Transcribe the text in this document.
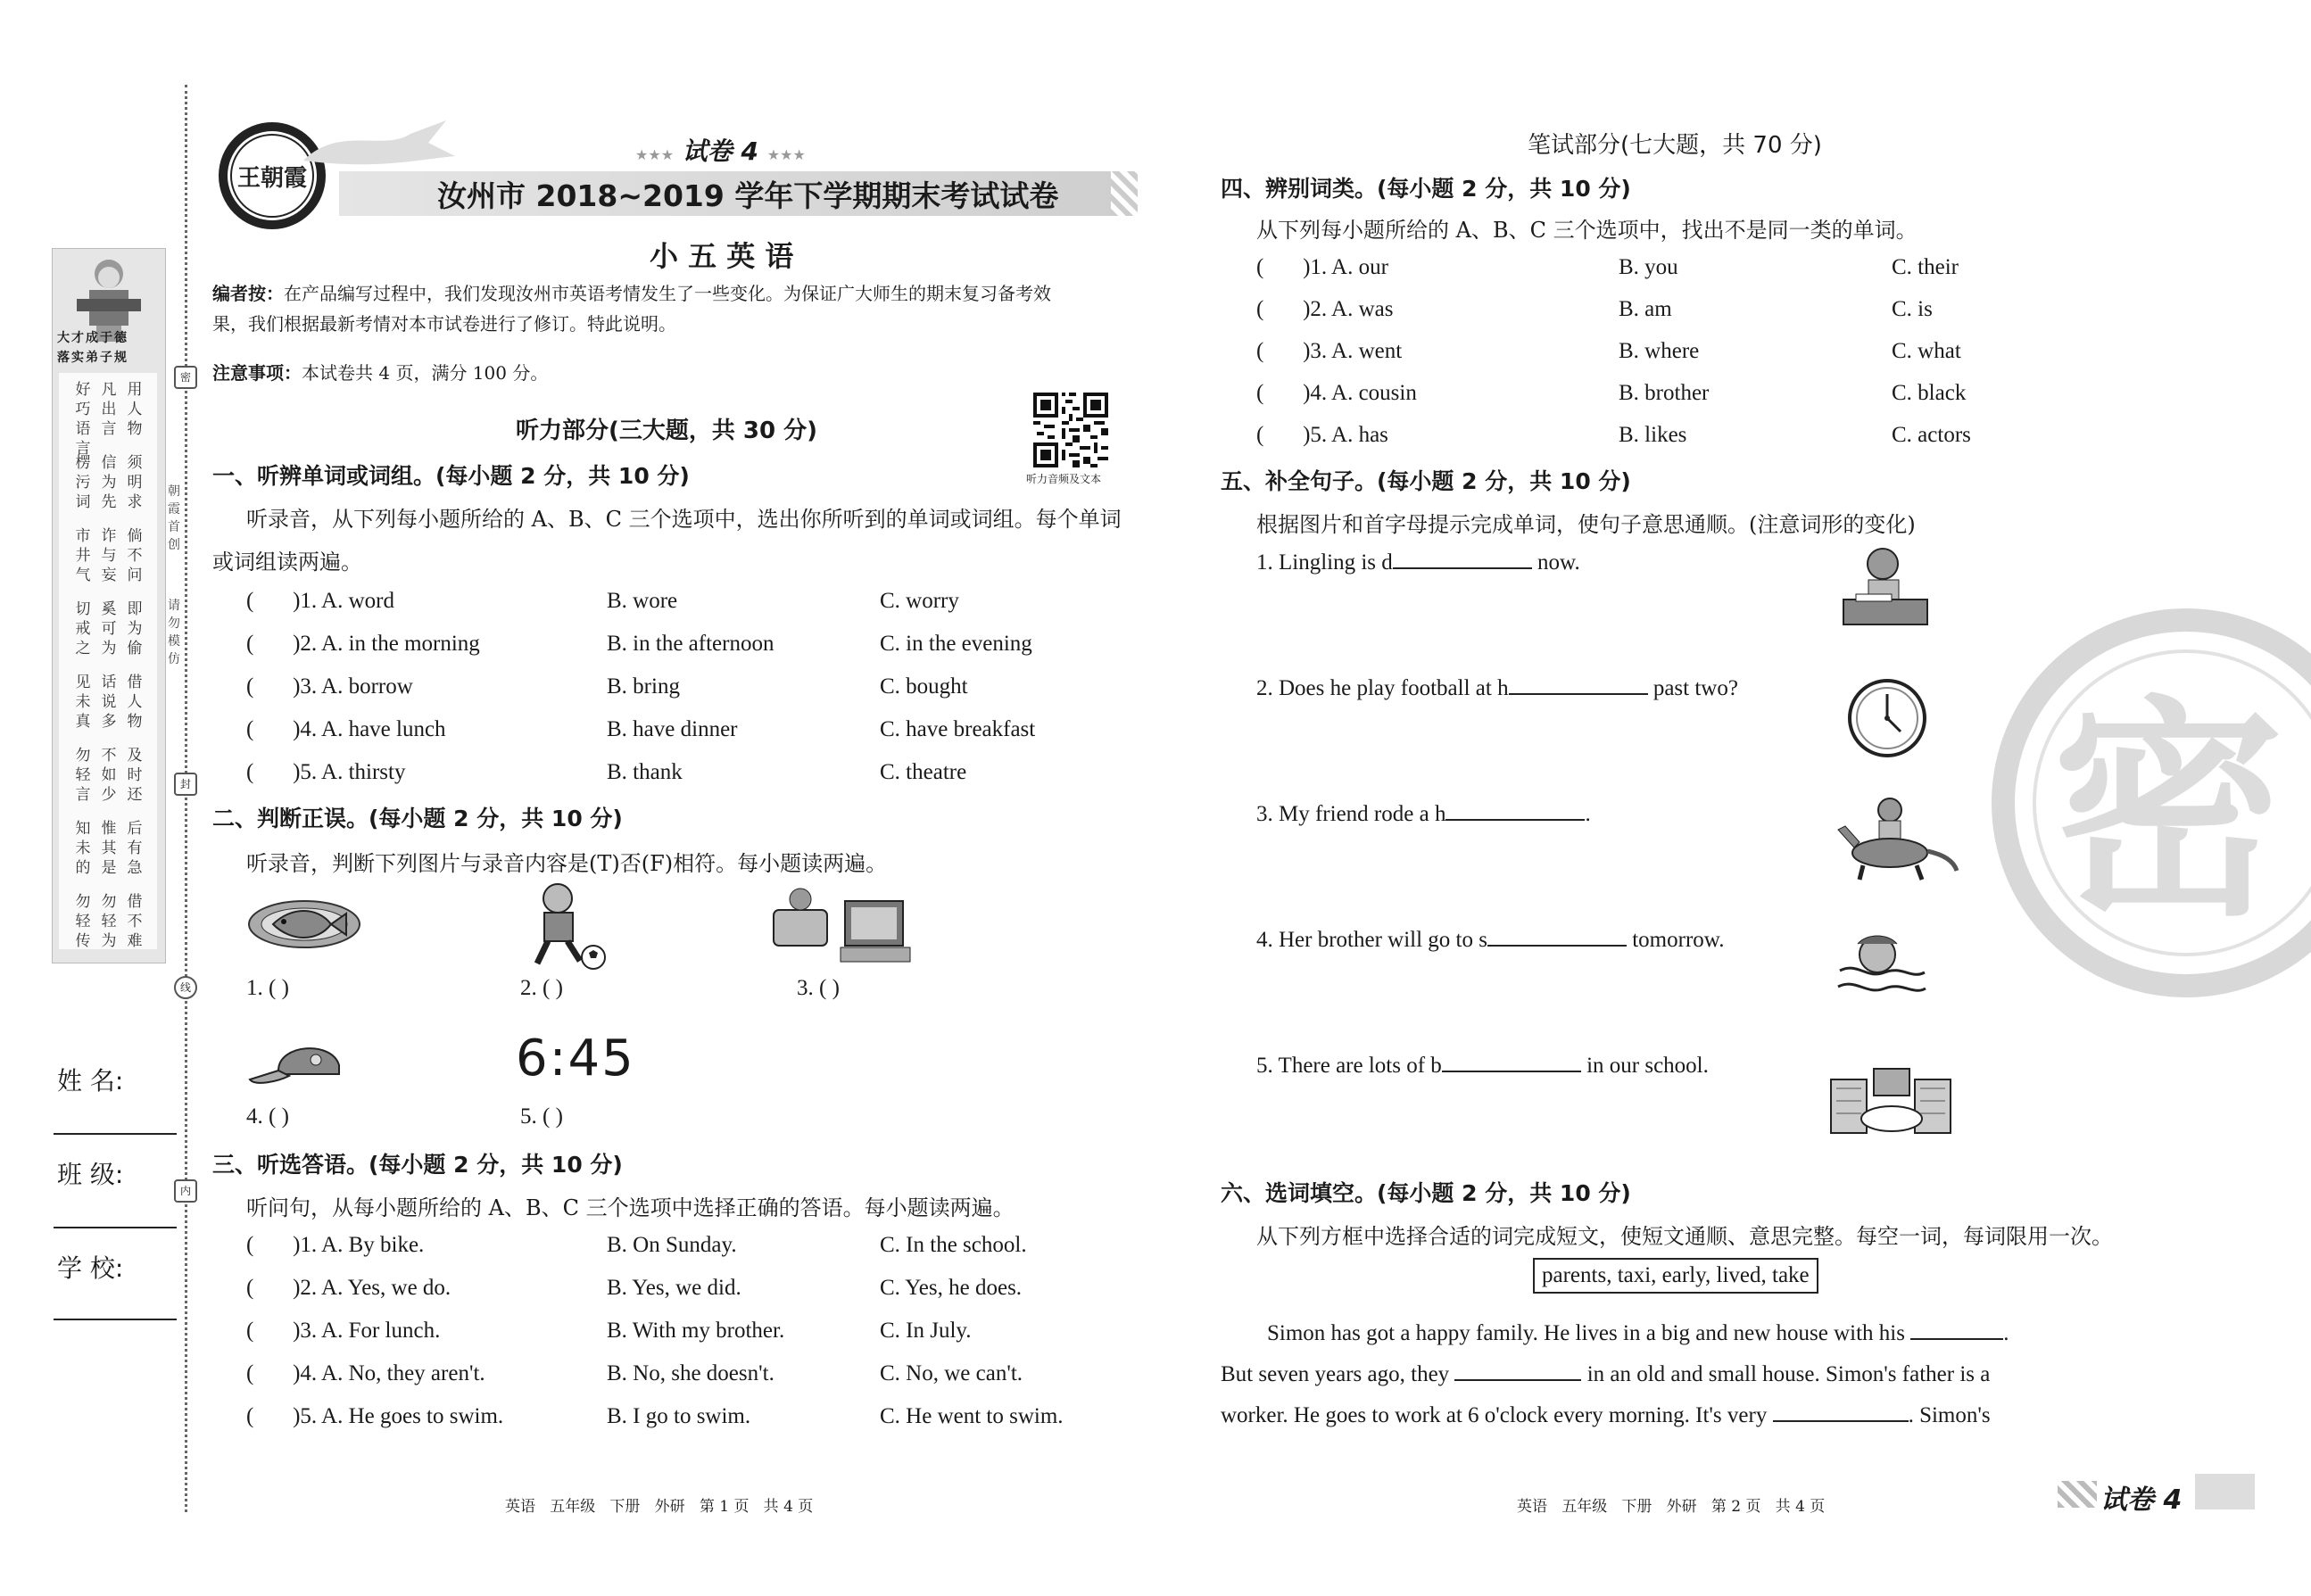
大才成于德
落实弟子规
好巧语言
凡出言
用人物
楞污词
信为先
须明求
市井气
诈与妄
倘不问
切戒之
奚可为
即为偷
见未真
话说多
借人物
勿轻言
不如少
及时还
知未的
惟其是
后有急
勿轻传
勿轻为
借不难
姓 名:
班 级:
学 校:
密
封
线
内
朝
霞
首
创
请
勿
模
仿
王朝霞
★★★ 试卷 4 ★★★
汝州市 2018~2019 学年下学期期末考试试卷
小 五 英 语
编者按：在产品编写过程中，我们发现汝州市英语考情发生了一些变化。为保证广大师生的期末复习备考效
果，我们根据最新考情对本市试卷进行了修订。特此说明。
注意事项：本试卷共 4 页，满分 100 分。
听力音频及文本
听力部分(三大题，共 30 分)
一、听辨单词或词组。(每小题 2 分，共 10 分)
听录音，从下列每小题所给的 A、B、C 三个选项中，选出你所听到的单词或词组。每个单词
或词组读两遍。
(       )1. A. word	B. wore	C. worry
(       )2. A. in the morning	B. in the afternoon	C. in the evening
(       )3. A. borrow	B. bring	C. bought
(       )4. A. have lunch	B. have dinner	C. have breakfast
(       )5. A. thirsty	B. thank	C. theatre
二、判断正误。(每小题 2 分，共 10 分)
听录音，判断下列图片与录音内容是(T)否(F)相符。每小题读两遍。
1. ( )	2. ( )	3. ( )
6:45
4. ( )	5. ( )
三、听选答语。(每小题 2 分，共 10 分)
听问句，从每小题所给的 A、B、C 三个选项中选择正确的答语。每小题读两遍。
(       )1. A. By bike.	B. On Sunday.	C. In the school.
(       )2. A. Yes, we do.	B. Yes, we did.	C. Yes, he does.
(       )3. A. For lunch.	B. With my brother.	C. In July.
(       )4. A. No, they aren't.	B. No, she doesn't.	C. No, we can't.
(       )5. A. He goes to swim.	B. I go to swim.	C. He went to swim.
笔试部分(七大题，共 70 分)
四、辨别词类。(每小题 2 分，共 10 分)
从下列每小题所给的 A、B、C 三个选项中，找出不是同一类的单词。
(       )1. A. our	B. you	C. their
(       )2. A. was	B. am	C. is
(       )3. A. went	B. where	C. what
(       )4. A. cousin	B. brother	C. black
(       )5. A. has	B. likes	C. actors
五、补全句子。(每小题 2 分，共 10 分)
根据图片和首字母提示完成单词，使句子意思通顺。(注意词形的变化)
1. Lingling is d	now.
2. Does he play football at h	past two?
3. My friend rode a h	.
4. Her brother will go to s	tomorrow.
5. There are lots of b	in our school.
六、选词填空。(每小题 2 分，共 10 分)
从下列方框中选择合适的词完成短文，使短文通顺、意思完整。每空一词，每词限用一次。
parents, taxi, early, lived, take
Simon has got a happy family. He lives in a big and new house with his	.
But seven years ago, they	in an old and small house. Simon's father is a
worker. He goes to work at 6 o'clock every morning. It's very	. Simon's
密
英语   五年级   下册   外研   第 1 页   共 4 页	英语   五年级   下册   外研   第 2 页   共 4 页	试卷 4
